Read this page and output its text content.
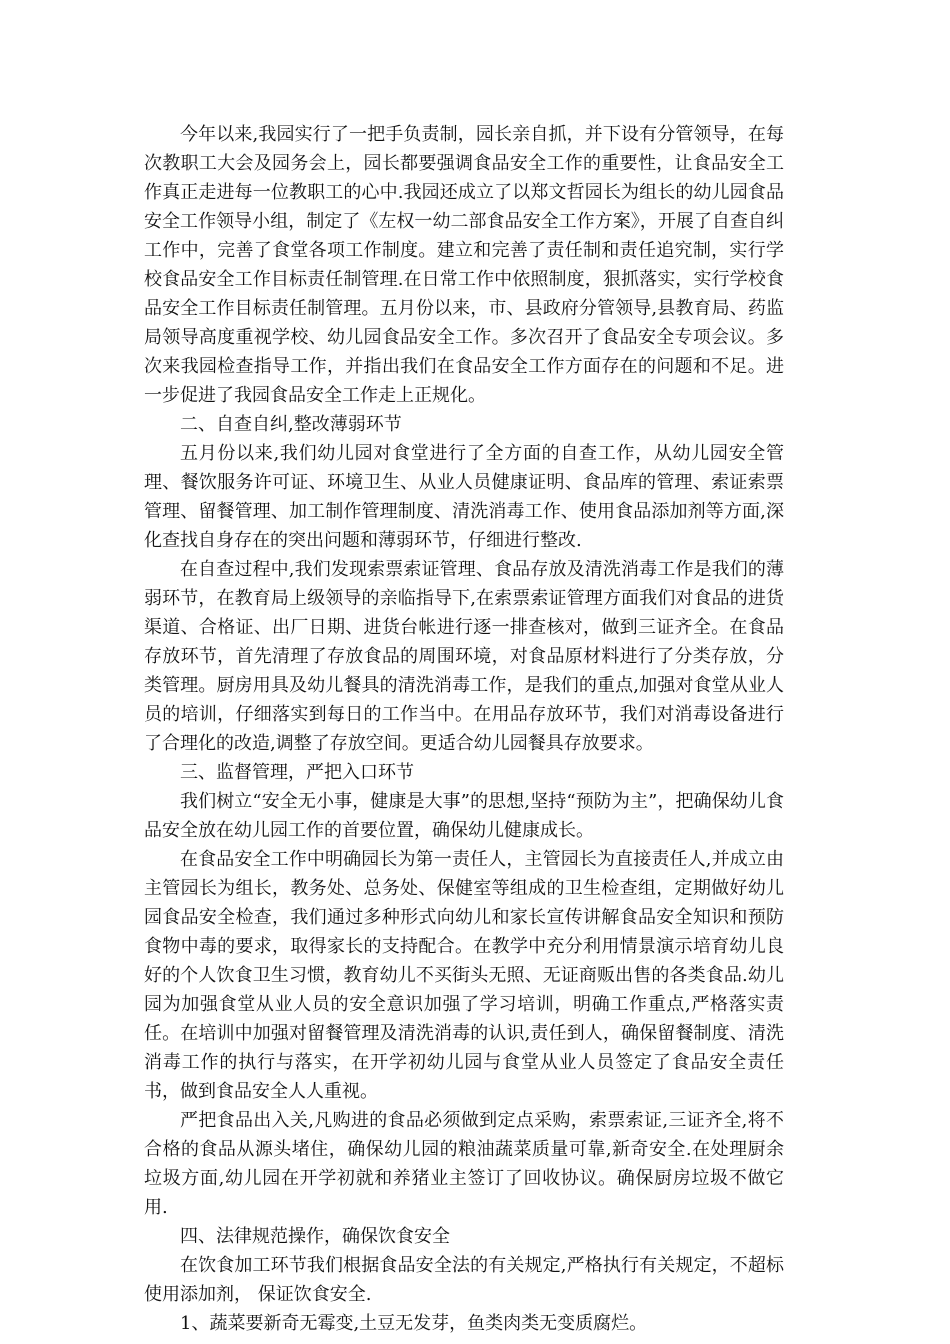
今年以来,我园实行了一把手负责制，园长亲自抓，并下设有分管领导，在每次教职工大会及园务会上，园长都要强调食品安全工作的重要性，让食品安全工作真正走进每一位教职工的心中.我园还成立了以郑文哲园长为组长的幼儿园食品安全工作领导小组，制定了《左权一幼二部食品安全工作方案》，开展了自查自纠工作中，完善了食堂各项工作制度。建立和完善了责任制和责任追究制，实行学校食品安全工作目标责任制管理.在日常工作中依照制度，狠抓落实，实行学校食品安全工作目标责任制管理。五月份以来，市、县政府分管领导,县教育局、药监局领导高度重视学校、幼儿园食品安全工作。多次召开了食品安全专项会议。多次来我园检查指导工作，并指出我们在食品安全工作方面存在的问题和不足。进一步促进了我园食品安全工作走上正规化。

二、自查自纠,整改薄弱环节

五月份以来,我们幼儿园对食堂进行了全方面的自查工作，从幼儿园安全管理、餐饮服务许可证、环境卫生、从业人员健康证明、食品库的管理、索证索票管理、留餐管理、加工制作管理制度、清洗消毒工作、使用食品添加剂等方面,深化查找自身存在的突出问题和薄弱环节，仔细进行整改.

在自查过程中,我们发现索票索证管理、食品存放及清洗消毒工作是我们的薄弱环节，在教育局上级领导的亲临指导下,在索票索证管理方面我们对食品的进货渠道、合格证、出厂日期、进货台帐进行逐一排查核对，做到三证齐全。在食品存放环节，首先清理了存放食品的周围环境，对食品原材料进行了分类存放，分类管理。厨房用具及幼儿餐具的清洗消毒工作，是我们的重点,加强对食堂从业人员的培训，仔细落实到每日的工作当中。在用品存放环节，我们对消毒设备进行了合理化的改造,调整了存放空间。更适合幼儿园餐具存放要求。

三、监督管理，严把入口环节

我们树立“安全无小事，健康是大事”的思想,坚持“预防为主”，把确保幼儿食品安全放在幼儿园工作的首要位置，确保幼儿健康成长。

在食品安全工作中明确园长为第一责任人，主管园长为直接责任人,并成立由主管园长为组长，教务处、总务处、保健室等组成的卫生检查组，定期做好幼儿园食品安全检查，我们通过多种形式向幼儿和家长宣传讲解食品安全知识和预防食物中毒的要求，取得家长的支持配合。在教学中充分利用情景演示培育幼儿良好的个人饮食卫生习惯，教育幼儿不买街头无照、无证商贩出售的各类食品.幼儿园为加强食堂从业人员的安全意识加强了学习培训，明确工作重点,严格落实责任。在培训中加强对留餐管理及清洗消毒的认识,责任到人，确保留餐制度、清洗消毒工作的执行与落实，在开学初幼儿园与食堂从业人员签定了食品安全责任书，做到食品安全人人重视。

严把食品出入关,凡购进的食品必须做到定点采购，索票索证,三证齐全,将不合格的食品从源头堵住，确保幼儿园的粮油蔬菜质量可靠,新奇安全.在处理厨余垃圾方面,幼儿园在开学初就和养猪业主签订了回收协议。确保厨房垃圾不做它用.

四、法律规范操作，确保饮食安全

在饮食加工环节我们根据食品安全法的有关规定,严格执行有关规定，不超标使用添加剂， 保证饮食安全.

1、蔬菜要新奇无霉变,土豆无发芽，鱼类肉类无变质腐烂。
